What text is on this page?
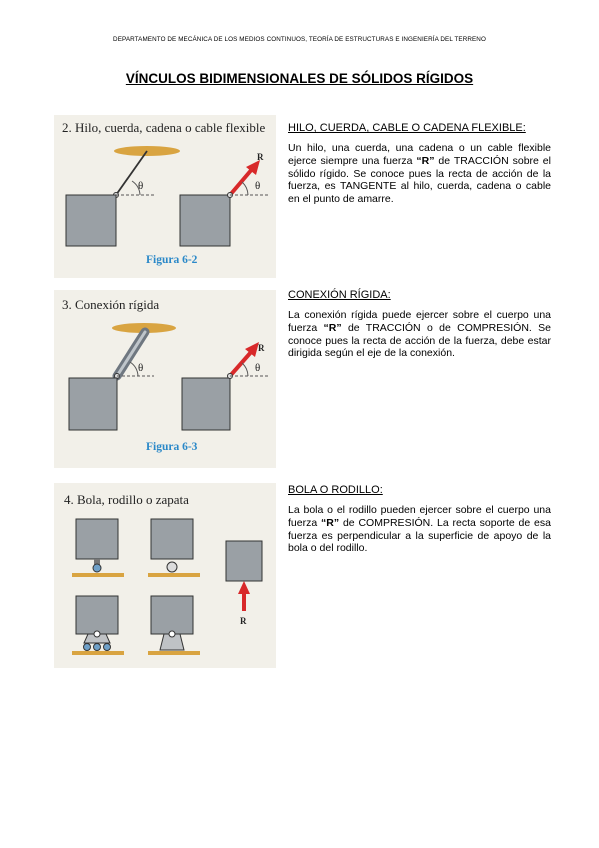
DEPARTAMENTO DE MECÁNICA DE LOS MEDIOS CONTINUOS, TEORÍA DE ESTRUCTURAS E INGENIERÍA DEL TERRENO
VÍNCULOS BIDIMENSIONALES DE SÓLIDOS RÍGIDOS
2. Hilo, cuerda, cadena o cable flexible
θ
R
θ
Figura 6-2
3. Conexión rígida
θ
R
θ
Figura 6-3
4. Bola, rodillo o zapata
R
HILO, CUERDA, CABLE O CADENA FLEXIBLE:

Un hilo, una cuerda, una cadena o un cable flexible ejerce siempre una fuerza “R” de TRACCIÓN sobre el sólido rígido. Se conoce pues la recta de acción de la fuerza, es TANGENTE al hilo, cuerda, cadena o cable en el punto de amarre.

CONEXIÓN RÍGIDA:

La conexión rígida puede ejercer sobre el cuerpo una fuerza “R” de TRACCIÓN o de COMPRESIÓN. Se conoce pues la recta de acción de la fuerza, debe estar dirigida según el eje de la conexión.

BOLA O RODILLO:

La bola o el rodillo pueden ejercer sobre el cuerpo una fuerza “R” de COMPRESIÓN. La recta soporte de esa fuerza es perpendicular a la superficie de apoyo de la bola o del rodillo.
